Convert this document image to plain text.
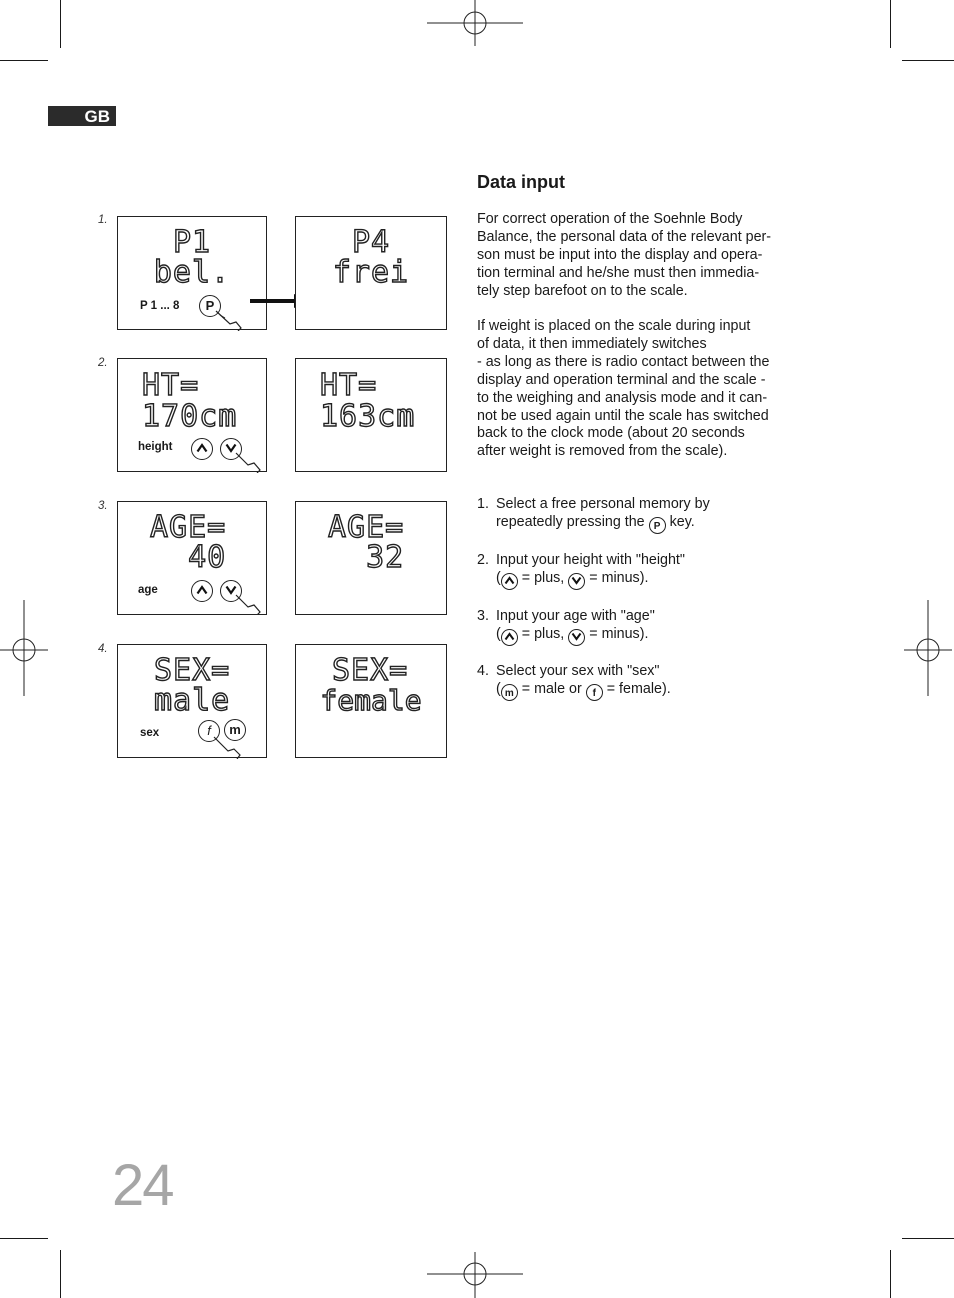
GB
Data input

For correct operation of the Soehnle Body

Balance, the personal data of the relevant per-

son must be input into the display and opera-

tion terminal and he/she must then immedia-

tely step barefoot on to the scale.

If weight is placed on the scale during input

of data, it then immediately switches

- as long as there is radio contact between the

display and operation terminal and the scale -

to the weighing and analysis mode and it can-

not be used again until the scale has switched

back to the clock mode (about 20 seconds

after weight is removed from the scale).

1. Select a free personal memory by
repeatedly pressing the P key.
2. Input your height with "height"
( = plus, = minus).
3. Input your age with "age"
( = plus, = minus).
4. Select your sex with "sex"
( m = male or f = female).
1.
P1
bel.
P 1 ... 8	P
P4
frei
2.
HT=
170cm
height
HT=
163cm
3.
AGE=
40
age
AGE=
32
4.
SEX=
male
sex	f	m
SEX=
female
24
